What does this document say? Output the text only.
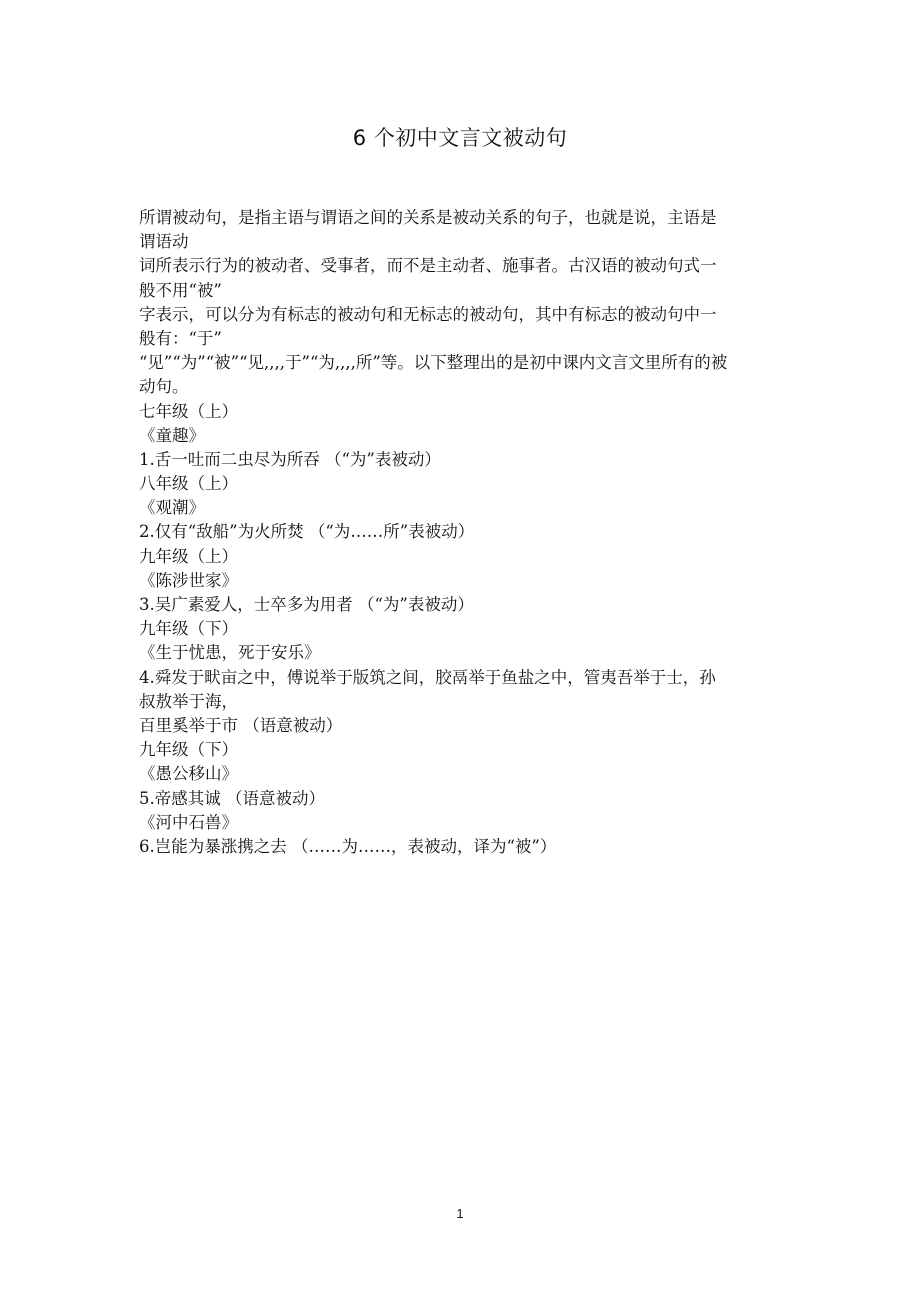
6 个初中文言文被动句
所谓被动句，是指主语与谓语之间的关系是被动关系的句子，也就是说，主语是
谓语动
词所表示行为的被动者、受事者，而不是主动者、施事者。古汉语的被动句式一
般不用“被”
字表示，可以分为有标志的被动句和无标志的被动句，其中有标志的被动句中一
般有：“于”
“见”“为”“被”“见,,,,于”“为,,,,所”等。以下整理出的是初中课内文言文里所有的被
动句。
七年级（上）
《童趣》
1.舌一吐而二虫尽为所吞 （“为”表被动）
八年级（上）
《观潮》
2.仅有“敌船”为火所焚 （“为……所”表被动）
九年级（上）
《陈涉世家》
3.吴广素爱人，士卒多为用者 （“为”表被动）
九年级（下）
《生于忧患，死于安乐》
4.舜发于畎亩之中，傅说举于版筑之间，胶鬲举于鱼盐之中，管夷吾举于士，孙
叔敖举于海，
百里奚举于市 （语意被动）
九年级（下）
《愚公移山》
5.帝感其诚 （语意被动）
《河中石兽》
6.岂能为暴涨携之去 （……为……，表被动，译为“被”）
1
